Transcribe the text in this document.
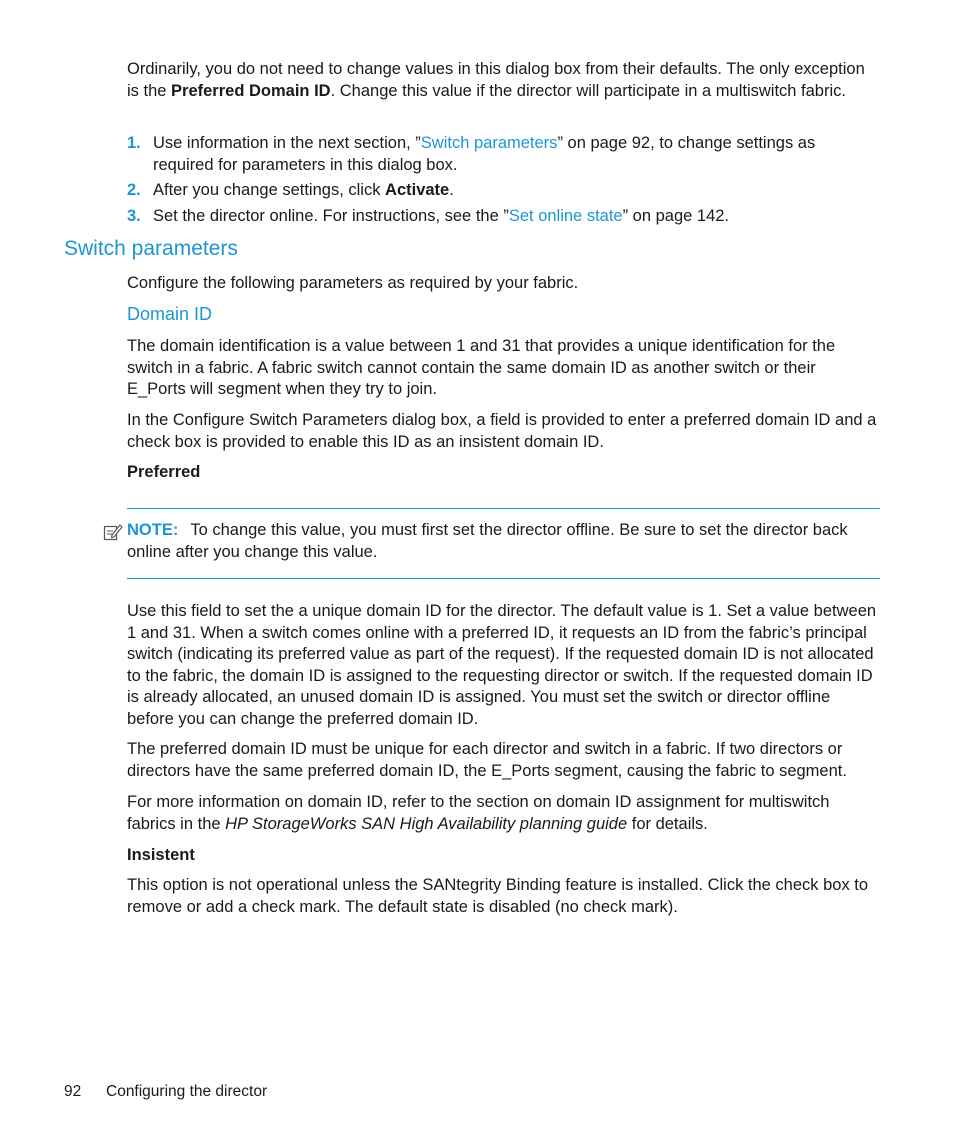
Ordinarily, you do not need to change values in this dialog box from their defaults. The only exception is the Preferred Domain ID. Change this value if the director will participate in a multiswitch fabric.

1. Use information in the next section, ”Switch parameters” on page 92, to change settings as required for parameters in this dialog box.
2. After you change settings, click Activate.
3. Set the director online. For instructions, see the ”Set online state” on page 142.
Switch parameters

Configure the following parameters as required by your fabric.

Domain ID

The domain identification is a value between 1 and 31 that provides a unique identification for the switch in a fabric. A fabric switch cannot contain the same domain ID as another switch or their E_Ports will segment when they try to join.

In the Configure Switch Parameters dialog box, a field is provided to enter a preferred domain ID and a check box is provided to enable this ID as an insistent domain ID.

Preferred

NOTE: To change this value, you must first set the director offline. Be sure to set the director back online after you change this value.

Use this field to set the a unique domain ID for the director. The default value is 1. Set a value between 1 and 31. When a switch comes online with a preferred ID, it requests an ID from the fabric’s principal switch (indicating its preferred value as part of the request). If the requested domain ID is not allocated to the fabric, the domain ID is assigned to the requesting director or switch. If the requested domain ID is already allocated, an unused domain ID is assigned. You must set the switch or director offline before you can change the preferred domain ID.

The preferred domain ID must be unique for each director and switch in a fabric. If two directors or directors have the same preferred domain ID, the E_Ports segment, causing the fabric to segment.

For more information on domain ID, refer to the section on domain ID assignment for multiswitch fabrics in the HP StorageWorks SAN High Availability planning guide for details.

Insistent

This option is not operational unless the SANtegrity Binding feature is installed. Click the check box to remove or add a check mark. The default state is disabled (no check mark).

92 Configuring the director
